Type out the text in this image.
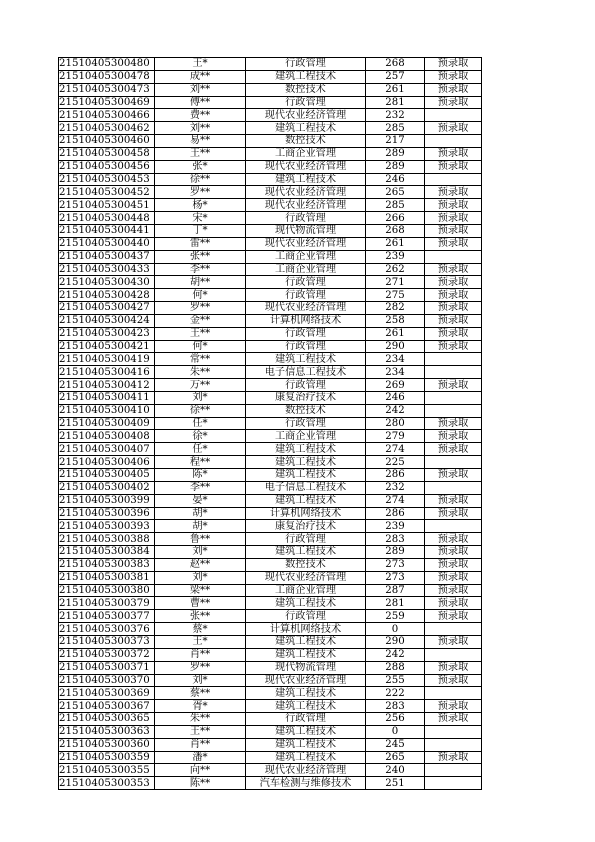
21510405300480	王*	行政管理	268	预录取
21510405300478	成**	建筑工程技术	257	预录取
21510405300473	刘**	数控技术	261	预录取
21510405300469	傅**	行政管理	281	预录取
21510405300466	费**	现代农业经济管理	232	
21510405300462	刘**	建筑工程技术	285	预录取
21510405300460	易**	数控技术	217	
21510405300458	王**	工商企业管理	289	预录取
21510405300456	张*	现代农业经济管理	289	预录取
21510405300453	徐**	建筑工程技术	246	
21510405300452	罗**	现代农业经济管理	265	预录取
21510405300451	杨*	现代农业经济管理	285	预录取
21510405300448	宋*	行政管理	266	预录取
21510405300441	丁*	现代物流管理	268	预录取
21510405300440	雷**	现代农业经济管理	261	预录取
21510405300437	张**	工商企业管理	239	
21510405300433	李**	工商企业管理	262	预录取
21510405300430	胡**	行政管理	271	预录取
21510405300428	何*	行政管理	275	预录取
21510405300427	罗**	现代农业经济管理	282	预录取
21510405300424	金**	计算机网络技术	258	预录取
21510405300423	王**	行政管理	261	预录取
21510405300421	何*	行政管理	290	预录取
21510405300419	常**	建筑工程技术	234	
21510405300416	朱**	电子信息工程技术	234	
21510405300412	万**	行政管理	269	预录取
21510405300411	刘*	康复治疗技术	246	
21510405300410	徐**	数控技术	242	
21510405300409	任*	行政管理	280	预录取
21510405300408	徐*	工商企业管理	279	预录取
21510405300407	任*	建筑工程技术	274	预录取
21510405300406	程**	建筑工程技术	225	
21510405300405	陈*	建筑工程技术	286	预录取
21510405300402	李**	电子信息工程技术	232	
21510405300399	晏*	建筑工程技术	274	预录取
21510405300396	胡*	计算机网络技术	286	预录取
21510405300393	胡*	康复治疗技术	239	
21510405300388	鲁**	行政管理	283	预录取
21510405300384	刘*	建筑工程技术	289	预录取
21510405300383	赵**	数控技术	273	预录取
21510405300381	刘*	现代农业经济管理	273	预录取
21510405300380	梁**	工商企业管理	287	预录取
21510405300379	曹**	建筑工程技术	281	预录取
21510405300377	张**	行政管理	259	预录取
21510405300376	蔡*	计算机网络技术	0	
21510405300373	王*	建筑工程技术	290	预录取
21510405300372	肖**	建筑工程技术	242	
21510405300371	罗**	现代物流管理	288	预录取
21510405300370	刘*	现代农业经济管理	255	预录取
21510405300369	蔡**	建筑工程技术	222	
21510405300367	胥*	建筑工程技术	283	预录取
21510405300365	朱**	行政管理	256	预录取
21510405300363	王**	建筑工程技术	0	
21510405300360	肖**	建筑工程技术	245	
21510405300359	潘*	建筑工程技术	265	预录取
21510405300355	向**	现代农业经济管理	240	
21510405300353	陈**	汽车检测与维修技术	251	
